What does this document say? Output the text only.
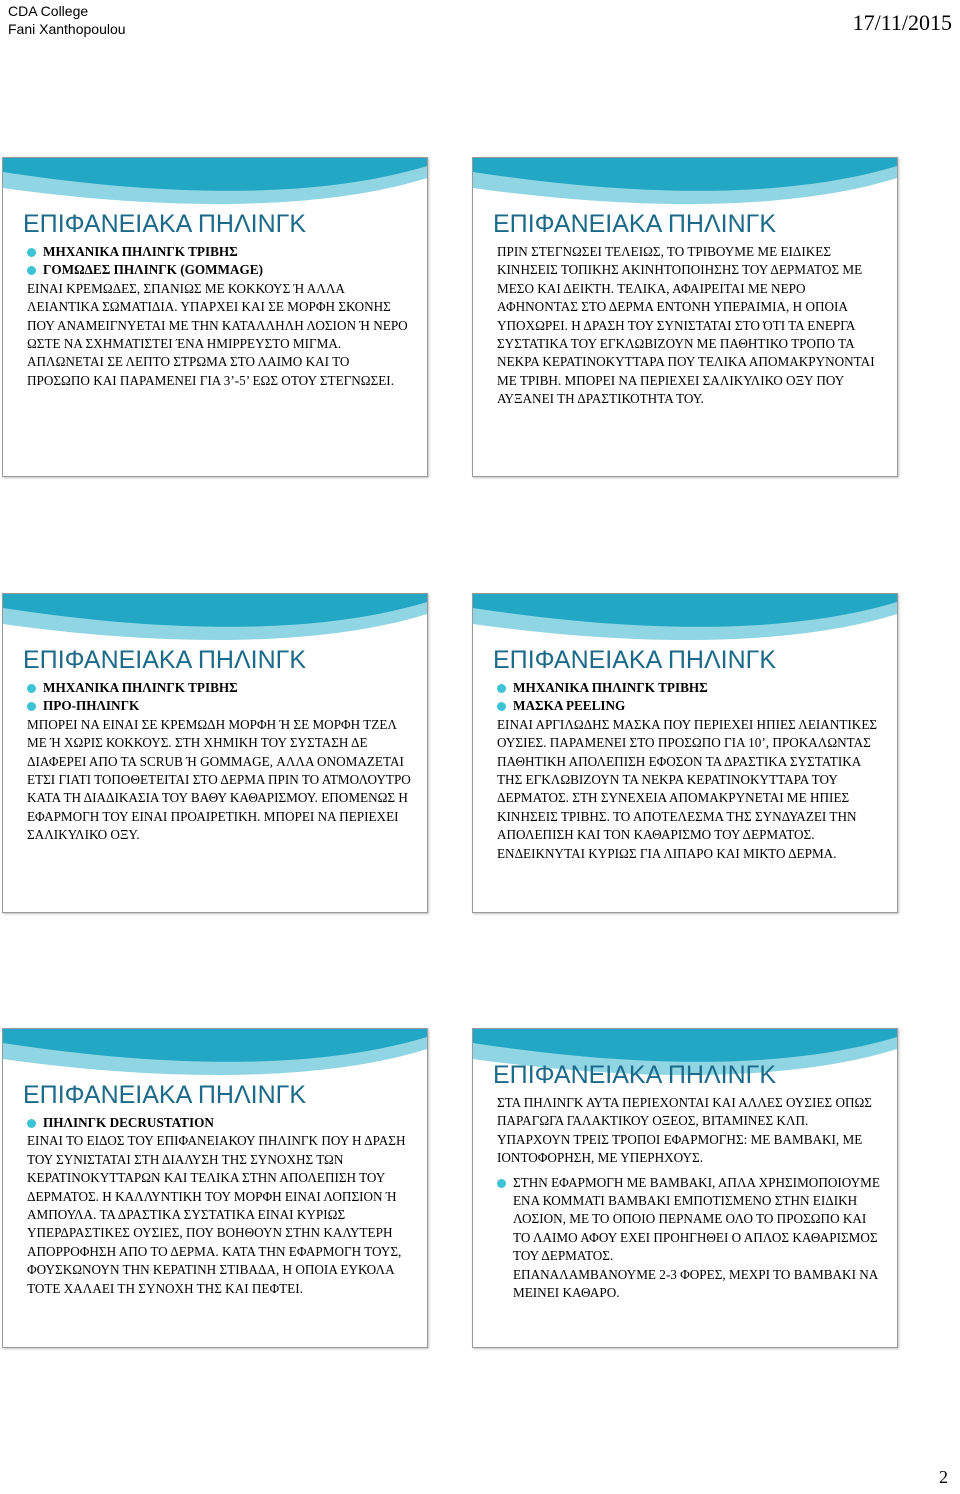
CDA College
Fani Xanthopoulou	17/11/2015
ΕΠΙΦΑΝΕΙΑΚΑ ΠΗΛΙΝΓΚ
ΜΗΧΑΝΙΚΑ ΠΗΛΙΝΓΚ ΤΡΙΒΗΣ
ΓΟΜΩΔΕΣ ΠΗΛΙΝΓΚ (GOMMAGE)
ΕΙΝΑΙ ΚΡΕΜΩΔΕΣ, ΣΠΑΝΙΩΣ ΜΕ ΚΟΚΚΟΥΣ Ή ΑΛΛΑ ΛΕΙΑΝΤΙΚΑ ΣΩΜΑΤΙΔΙΑ. ΥΠΑΡΧΕΙ ΚΑΙ ΣΕ ΜΟΡΦΗ ΣΚΟΝΗΣ ΠΟΥ ΑΝΑΜΕΙΓΝΥΕΤΑΙ ΜΕ ΤΗΝ ΚΑΤΑΛΛΗΛΗ ΛΟΣΙΟΝ Ή ΝΕΡΟ ΩΣΤΕ ΝΑ ΣΧΗΜΑΤΙΣΤΕΙ ΈΝΑ ΗΜΙΡΡΕΥΣΤΟ ΜΙΓΜΑ. ΑΠΛΩΝΕΤΑΙ ΣΕ ΛΕΠΤΟ ΣΤΡΩΜΑ ΣΤΟ ΛΑΙΜΟ ΚΑΙ ΤΟ ΠΡΟΣΩΠΟ ΚΑΙ ΠΑΡΑΜΕΝΕΙ ΓΙΑ 3’-5’ ΕΩΣ ΟΤΟΥ ΣΤΕΓΝΩΣΕΙ.
ΕΠΙΦΑΝΕΙΑΚΑ ΠΗΛΙΝΓΚ
ΠΡΙΝ ΣΤΕΓΝΩΣΕΙ ΤΕΛΕΙΩΣ, ΤΟ ΤΡΙΒΟΥΜΕ ΜΕ ΕΙΔΙΚΕΣ ΚΙΝΗΣΕΙΣ ΤΟΠΙΚΗΣ ΑΚΙΝΗΤΟΠΟΙΗΣΗΣ ΤΟΥ ΔΕΡΜΑΤΟΣ ΜΕ ΜΕΣΟ ΚΑΙ ΔΕΙΚΤΗ. ΤΕΛΙΚΑ, ΑΦΑΙΡΕΙΤΑΙ ΜΕ ΝΕΡΟ ΑΦΗΝΟΝΤΑΣ ΣΤΟ ΔΕΡΜΑ ΕΝΤΟΝΗ ΥΠΕΡΑΙΜΙΑ, Η ΟΠΟΙΑ ΥΠΟΧΩΡΕΙ. Η ΔΡΑΣΗ ΤΟΥ ΣΥΝΙΣΤΑΤΑΙ ΣΤΟ ΌΤΙ ΤΑ ΕΝΕΡΓΑ ΣΥΣΤΑΤΙΚΑ ΤΟΥ ΕΓΚΛΩΒΙΖΟΥΝ ΜΕ ΠΑΘΗΤΙΚΟ ΤΡΟΠΟ ΤΑ ΝΕΚΡΑ ΚΕΡΑΤΙΝΟΚΥΤΤΑΡΑ ΠΟΥ ΤΕΛΙΚΑ ΑΠΟΜΑΚΡΥΝΟΝΤΑΙ ΜΕ ΤΡΙΒΗ. ΜΠΟΡΕΙ ΝΑ ΠΕΡΙΕΧΕΙ ΣΑΛΙΚΥΛΙΚΟ ΟΞΥ ΠΟΥ ΑΥΞΑΝΕΙ ΤΗ ΔΡΑΣΤΙΚΟΤΗΤΑ ΤΟΥ.
ΕΠΙΦΑΝΕΙΑΚΑ ΠΗΛΙΝΓΚ
ΜΗΧΑΝΙΚΑ ΠΗΛΙΝΓΚ ΤΡΙΒΗΣ
ΠΡΟ-ΠΗΛΙΝΓΚ
ΜΠΟΡΕΙ ΝΑ ΕΙΝΑΙ ΣΕ ΚΡΕΜΩΔΗ ΜΟΡΦΗ Ή ΣΕ ΜΟΡΦΗ ΤΖΕΛ ΜΕ Ή ΧΩΡΙΣ ΚΟΚΚΟΥΣ. ΣΤΗ ΧΗΜΙΚΗ ΤΟΥ ΣΥΣΤΑΣΗ ΔΕ ΔΙΑΦΕΡΕΙ ΑΠΟ ΤΑ SCRUB Ή GOMMAGE, ΑΛΛΑ ΟΝΟΜΑΖΕΤΑΙ ΕΤΣΙ ΓΙΑΤΙ ΤΟΠΟΘΕΤΕΙΤΑΙ ΣΤΟ ΔΕΡΜΑ ΠΡΙΝ ΤΟ ΑΤΜΟΛΟΥΤΡΟ ΚΑΤΑ ΤΗ ΔΙΑΔΙΚΑΣΙΑ ΤΟΥ ΒΑΘΥ ΚΑΘΑΡΙΣΜΟΥ. ΕΠΟΜΕΝΩΣ Η ΕΦΑΡΜΟΓΗ ΤΟΥ ΕΙΝΑΙ ΠΡΟΑΙΡΕΤΙΚΗ. ΜΠΟΡΕΙ ΝΑ ΠΕΡΙΕΧΕΙ ΣΑΛΙΚΥΛΙΚΟ ΟΞΥ.
ΕΠΙΦΑΝΕΙΑΚΑ ΠΗΛΙΝΓΚ
ΜΗΧΑΝΙΚΑ ΠΗΛΙΝΓΚ ΤΡΙΒΗΣ
ΜΑΣΚΑ PEELING
ΕΙΝΑΙ ΑΡΓΙΛΩΔΗΣ ΜΑΣΚΑ ΠΟΥ ΠΕΡΙΕΧΕΙ ΗΠΙΕΣ ΛΕΙΑΝΤΙΚΕΣ ΟΥΣΙΕΣ. ΠΑΡΑΜΕΝΕΙ ΣΤΟ ΠΡΟΣΩΠΟ ΓΙΑ 10’, ΠΡΟΚΑΛΩΝΤΑΣ ΠΑΘΗΤΙΚΗ ΑΠΟΛΕΠΙΣΗ ΕΦΟΣΟΝ ΤΑ ΔΡΑΣΤΙΚΑ ΣΥΣΤΑΤΙΚΑ ΤΗΣ ΕΓΚΛΩΒΙΖΟΥΝ ΤΑ ΝΕΚΡΑ ΚΕΡΑΤΙΝΟΚΥΤΤΑΡΑ ΤΟΥ ΔΕΡΜΑΤΟΣ. ΣΤΗ ΣΥΝΕΧΕΙΑ ΑΠΟΜΑΚΡΥΝΕΤΑΙ ΜΕ ΗΠΙΕΣ ΚΙΝΗΣΕΙΣ ΤΡΙΒΗΣ. ΤΟ ΑΠΟΤΕΛΕΣΜΑ ΤΗΣ ΣΥΝΔΥΑΖΕΙ ΤΗΝ ΑΠΟΛΕΠΙΣΗ ΚΑΙ ΤΟΝ ΚΑΘΑΡΙΣΜΟ ΤΟΥ ΔΕΡΜΑΤΟΣ. ΕΝΔΕΙΚΝΥΤΑΙ ΚΥΡΙΩΣ ΓΙΑ ΛΙΠΑΡΟ ΚΑΙ ΜΙΚΤΟ ΔΕΡΜΑ.
ΕΠΙΦΑΝΕΙΑΚΑ ΠΗΛΙΝΓΚ
ΠΗΛΙΝΓΚ DECRUSTATION
ΕΙΝΑΙ ΤΟ ΕΙΔΟΣ ΤΟΥ ΕΠΙΦΑΝΕΙΑΚΟΥ ΠΗΛΙΝΓΚ ΠΟΥ Η ΔΡΑΣΗ ΤΟΥ ΣΥΝΙΣΤΑΤΑΙ ΣΤΗ ΔΙΑΛΥΣΗ ΤΗΣ ΣΥΝΟΧΗΣ ΤΩΝ ΚΕΡΑΤΙΝΟΚΥΤΤΑΡΩΝ ΚΑΙ ΤΕΛΙΚΑ ΣΤΗΝ ΑΠΟΛΕΠΙΣΗ ΤΟΥ ΔΕΡΜΑΤΟΣ. Η ΚΑΛΛΥΝΤΙΚΗ ΤΟΥ ΜΟΡΦΗ ΕΙΝΑΙ ΛΟΠΣΙΟΝ Ή ΑΜΠΟΥΛΑ. ΤΑ ΔΡΑΣΤΙΚΑ ΣΥΣΤΑΤΙΚΑ ΕΙΝΑΙ ΚΥΡΙΩΣ ΥΠΕΡΔΡΑΣΤΙΚΕΣ ΟΥΣΙΕΣ, ΠΟΥ ΒΟΗΘΟΥΝ ΣΤΗΝ ΚΑΛΥΤΕΡΗ ΑΠΟΡΡΟΦΗΣΗ ΑΠΟ ΤΟ ΔΕΡΜΑ. ΚΑΤΑ ΤΗΝ ΕΦΑΡΜΟΓΗ ΤΟΥΣ, ΦΟΥΣΚΩΝΟΥΝ ΤΗΝ ΚΕΡΑΤΙΝΗ ΣΤΙΒΑΔΑ, Η ΟΠΟΙΑ ΕΥΚΟΛΑ ΤΟΤΕ ΧΑΛΑΕΙ ΤΗ ΣΥΝΟΧΗ ΤΗΣ ΚΑΙ ΠΕΦΤΕΙ.
ΕΠΙΦΑΝΕΙΑΚΑ ΠΗΛΙΝΓΚ
ΣΤΑ ΠΗΛΙΝΓΚ ΑΥΤΑ ΠΕΡΙΕΧΟΝΤΑΙ ΚΑΙ ΑΛΛΕΣ ΟΥΣΙΕΣ ΟΠΩΣ ΠΑΡΑΓΩΓΑ ΓΑΛΑΚΤΙΚΟΥ ΟΞΕΟΣ, ΒΙΤΑΜΙΝΕΣ ΚΛΠ. ΥΠΑΡΧΟΥΝ ΤΡΕΙΣ ΤΡΟΠΟΙ ΕΦΑΡΜΟΓΗΣ: ΜΕ ΒΑΜΒΑΚΙ, ΜΕ ΙΟΝΤΟΦΟΡΗΣΗ, ΜΕ ΥΠΕΡΗΧΟΥΣ.
ΣΤΗΝ ΕΦΑΡΜΟΓΗ ΜΕ ΒΑΜΒΑΚΙ, ΑΠΛΑ ΧΡΗΣΙΜΟΠΟΙΟΥΜΕ ΕΝΑ ΚΟΜΜΑΤΙ ΒΑΜΒΑΚΙ ΕΜΠΟΤΙΣΜΕΝΟ ΣΤΗΝ ΕΙΔΙΚΗ ΛΟΣΙΟΝ, ΜΕ ΤΟ ΟΠΟΙΟ ΠΕΡΝΑΜΕ ΟΛΟ ΤΟ ΠΡΟΣΩΠΟ ΚΑΙ ΤΟ ΛΑΙΜΟ ΑΦΟΥ ΕΧΕΙ ΠΡΟΗΓΗΘΕΙ Ο ΑΠΛΟΣ ΚΑΘΑΡΙΣΜΟΣ ΤΟΥ ΔΕΡΜΑΤΟΣ.
ΕΠΑΝΑΛΑΜΒΑΝΟΥΜΕ 2-3 ΦΟΡΕΣ, ΜΕΧΡΙ ΤΟ ΒΑΜΒΑΚΙ ΝΑ ΜΕΙΝΕΙ ΚΑΘΑΡΟ.
2
